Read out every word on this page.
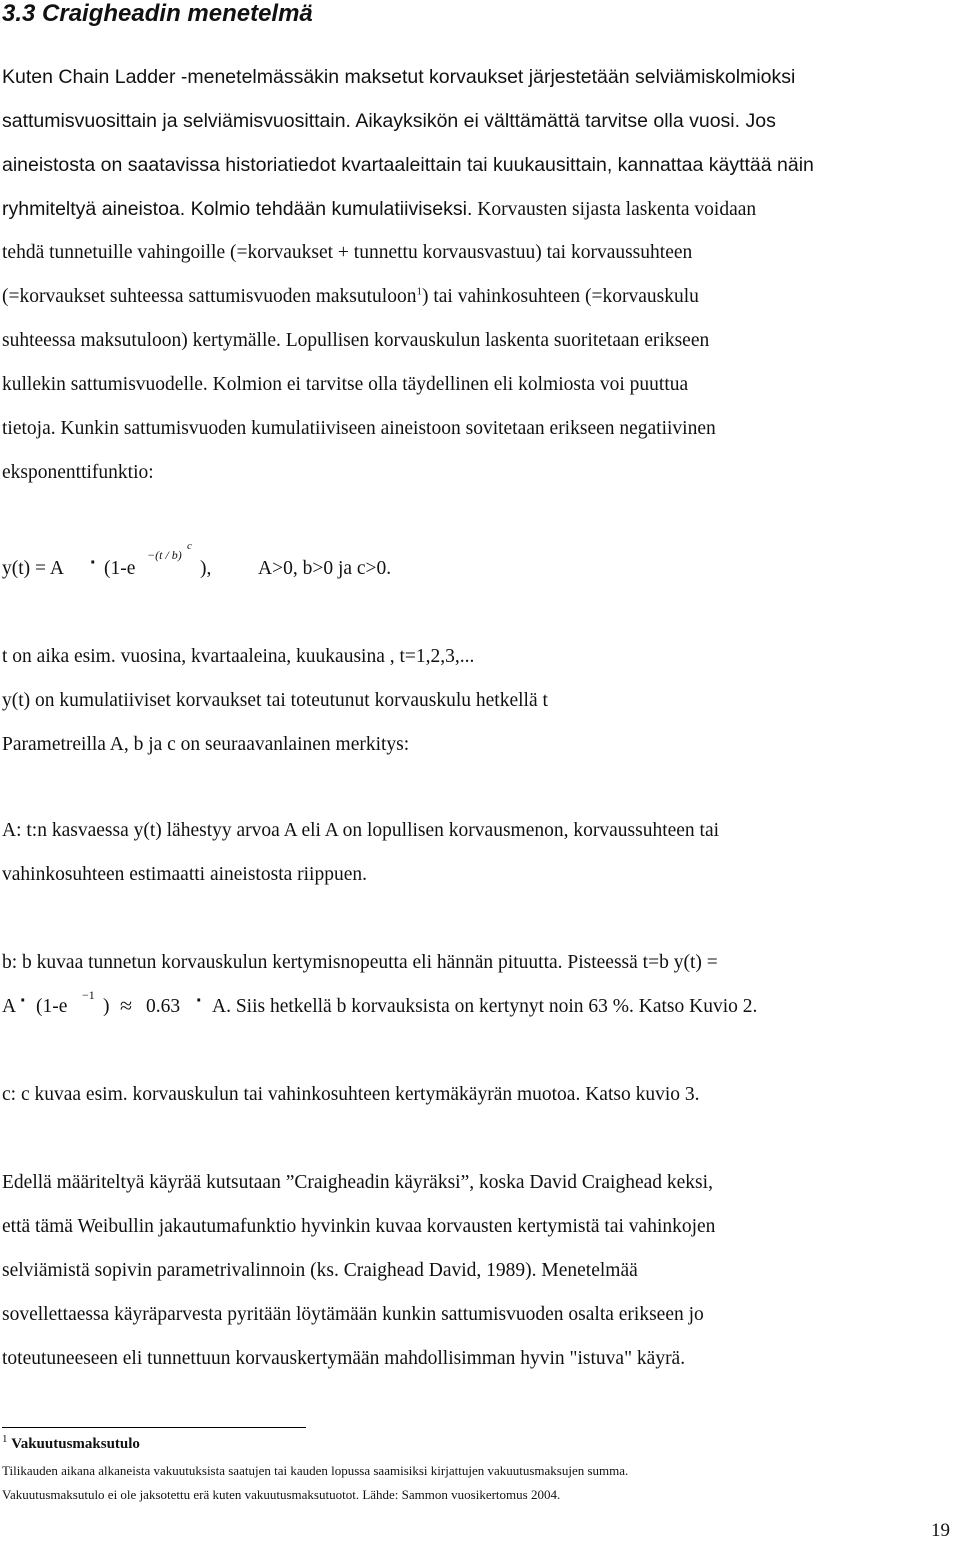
3.3 Craigheadin menetelmä
Kuten Chain Ladder -menetelmässäkin maksetut korvaukset järjestetään selviämiskolmioksi
sattumisvuosittain ja selviämisvuosittain. Aikayksikön ei välttämättä tarvitse olla vuosi. Jos
aineistosta on saatavissa historiatiedot kvartaaleittain tai kuukausittain, kannattaa käyttää näin
ryhmiteltyä aineistoa. Kolmio tehdään kumulatiiviseksi. Korvausten sijasta laskenta voidaan
tehdä tunnetuille vahingoille (=korvaukset + tunnettu korvausvastuu) tai korvaussuhteen
(=korvaukset suhteessa sattumisvuoden maksutuloon$^1$) tai vahinkosuhteen (=korvauskulu
suhteessa maksutuloon) kertymälle. Lopullisen korvauskulun laskenta suoritetaan erikseen
kullekin sattumisvuodelle. Kolmion ei tarvitse olla täydellinen eli kolmiosta voi puuttua
tietoja. Kunkin sattumisvuoden kumulatiiviseen aineistoon sovitetaan erikseen negatiivinen
eksponenttifunktio:
y(t) = A · (1-e
−(t / b)
c
), A>0, b>0 ja c>0.
t on aika esim. vuosina, kvartaaleina, kuukausina , t=1,2,3,...
y(t) on kumulatiiviset korvaukset tai toteutunut korvauskulu hetkellä t
Parametreilla A, b ja c on seuraavanlainen merkitys:
A: t:n kasvaessa y(t) lähestyy arvoa A eli A on lopullisen korvausmenon, korvaussuhteen tai
vahinkosuhteen estimaatti aineistosta riippuen.
b: b kuvaa tunnetun korvauskulun kertymisnopeutta eli hännän pituutta. Pisteessä t=b y(t) =
A · (1-e
−1
) ≈ 0.63 · A. Siis hetkellä b korvauksista on kertynyt noin 63 %. Katso Kuvio 2.
c: c kuvaa esim. korvauskulun tai vahinkosuhteen kertymäkäyrän muotoa. Katso kuvio 3.
Edellä määriteltyä käyrää kutsutaan ”Craigheadin käyräksi”, koska David Craighead keksi,
että tämä Weibullin jakautumafunktio hyvinkin kuvaa korvausten kertymistä tai vahinkojen
selviämistä sopivin parametrivalinnoin (ks. Craighead David, 1989). Menetelmää
sovellettaessa käyräparvesta pyritään löytämään kunkin sattumisvuoden osalta erikseen jo
toteutuneeseen eli tunnettuun korvauskertymään mahdollisimman hyvin "istuva" käyrä.
$^1$ Vakuutusmaksutulo
Tilikauden aikana alkaneista vakuutuksista saatujen tai kauden lopussa saamisiksi kirjattujen vakuutusmaksujen summa.
Vakuutusmaksutulo ei ole jaksotettu erä kuten vakuutusmaksutuotot. Lähde: Sammon vuosikertomus 2004.
19
